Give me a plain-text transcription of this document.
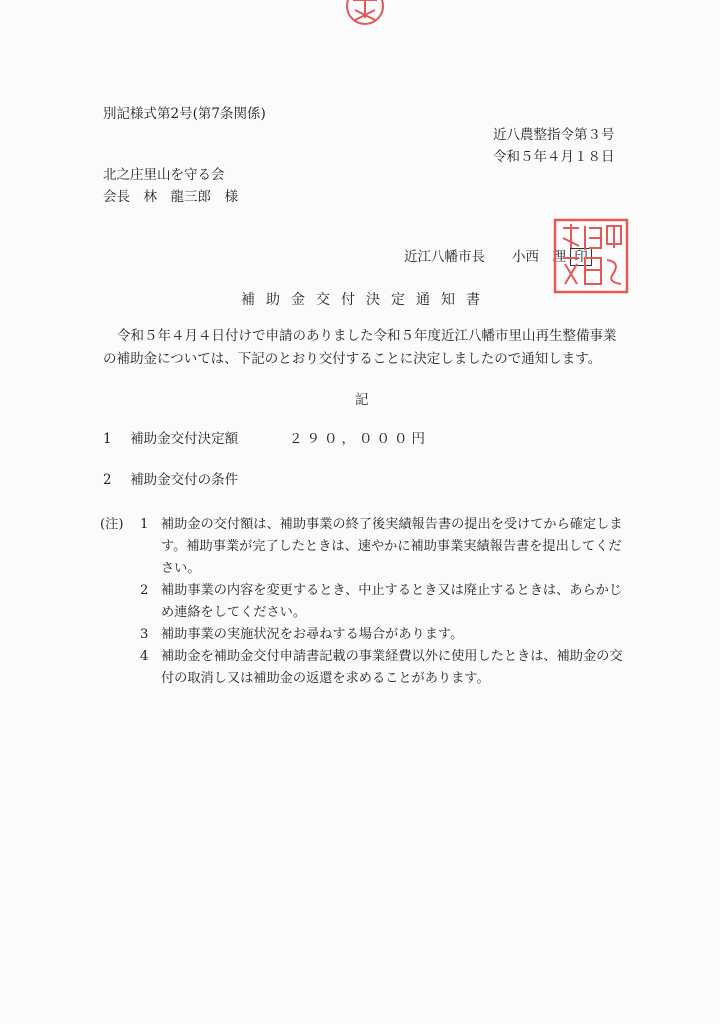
別記様式第2号(第7条関係)
近八農整指令第３号
令和５年４月１８日
北之庄里山を守る会
会長　林　龍三郎　様
近江八幡市長　　小西　理 印
補助金交付決定通知書
令和５年４月４日付けで申請のありました令和５年度近江八幡市里山再生整備事業の補助金については、下記のとおり交付することに決定しましたので通知します。
記
1 補助金交付決定額	２９０，０００円
2 補助金交付の条件
(注) 1 補助金の交付額は、補助事業の終了後実績報告書の提出を受けてから確定します。補助事業が完了したときは、速やかに補助事業実績報告書を提出してください。

2 補助事業の内容を変更するとき、中止するとき又は廃止するときは、あらかじめ連絡をしてください。

3 補助事業の実施状況をお尋ねする場合があります。

4 補助金を補助金交付申請書記載の事業経費以外に使用したときは、補助金の交付の取消し又は補助金の返還を求めることがあります。
